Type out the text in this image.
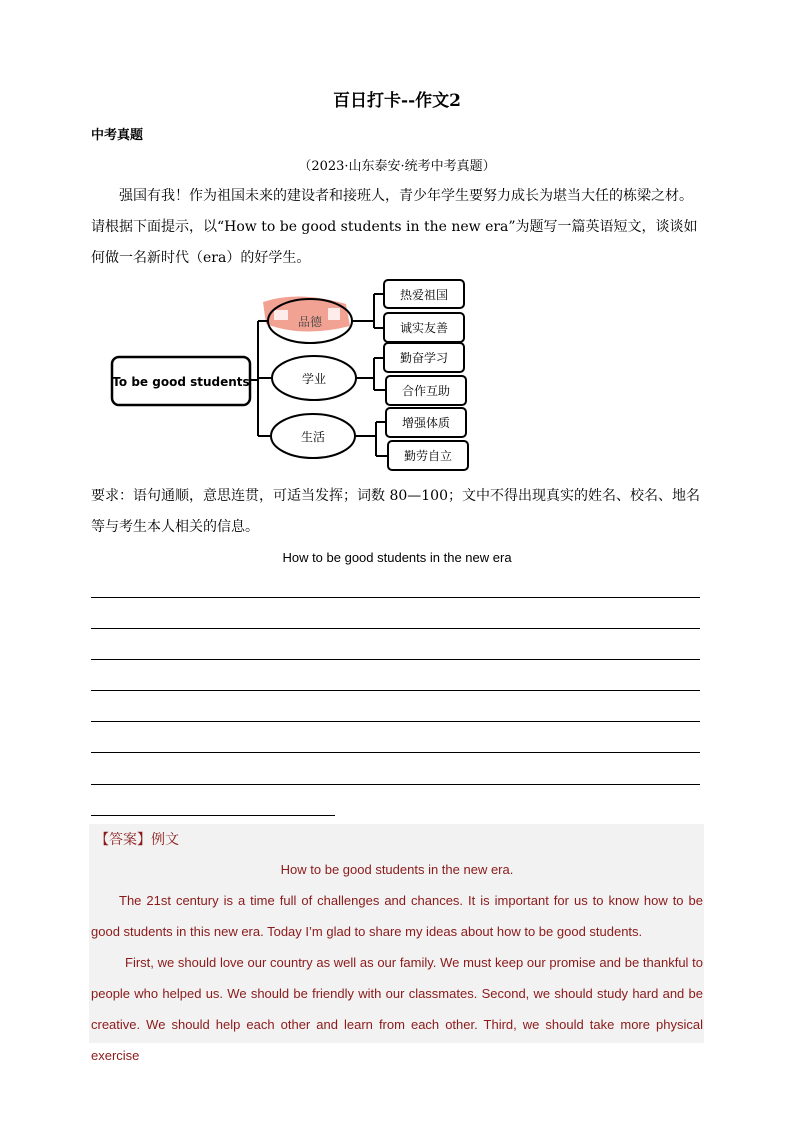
百日打卡--作文2
中考真题
（2023·山东泰安·统考中考真题）
强国有我！作为祖国未来的建设者和接班人，青少年学生要努力成长为堪当大任的栋梁之材。请根据下面提示，以“How to be good students in the new era”为题写一篇英语短文，谈谈如何做一名新时代（era）的好学生。
To be good students
品德
学业
生活
热爱祖国
诚实友善
勤奋学习
合作互助
增强体质
勤劳自立
要求：语句通顺，意思连贯，可适当发挥；词数 80—100；文中不得出现真实的姓名、校名、地名等与考生本人相关的信息。
How to be good students in the new era
【答案】例文
How to be good students in the new era.
The 21st century is a time full of challenges and chances. It is important for us to know how to be good students in this new era. Today I’m glad to share my ideas about how to be good students.
First, we should love our country as well as our family. We must keep our promise and be thankful to people who helped us. We should be friendly with our classmates. Second, we should study hard and be creative. We should help each other and learn from each other. Third, we should take more physical exercise
